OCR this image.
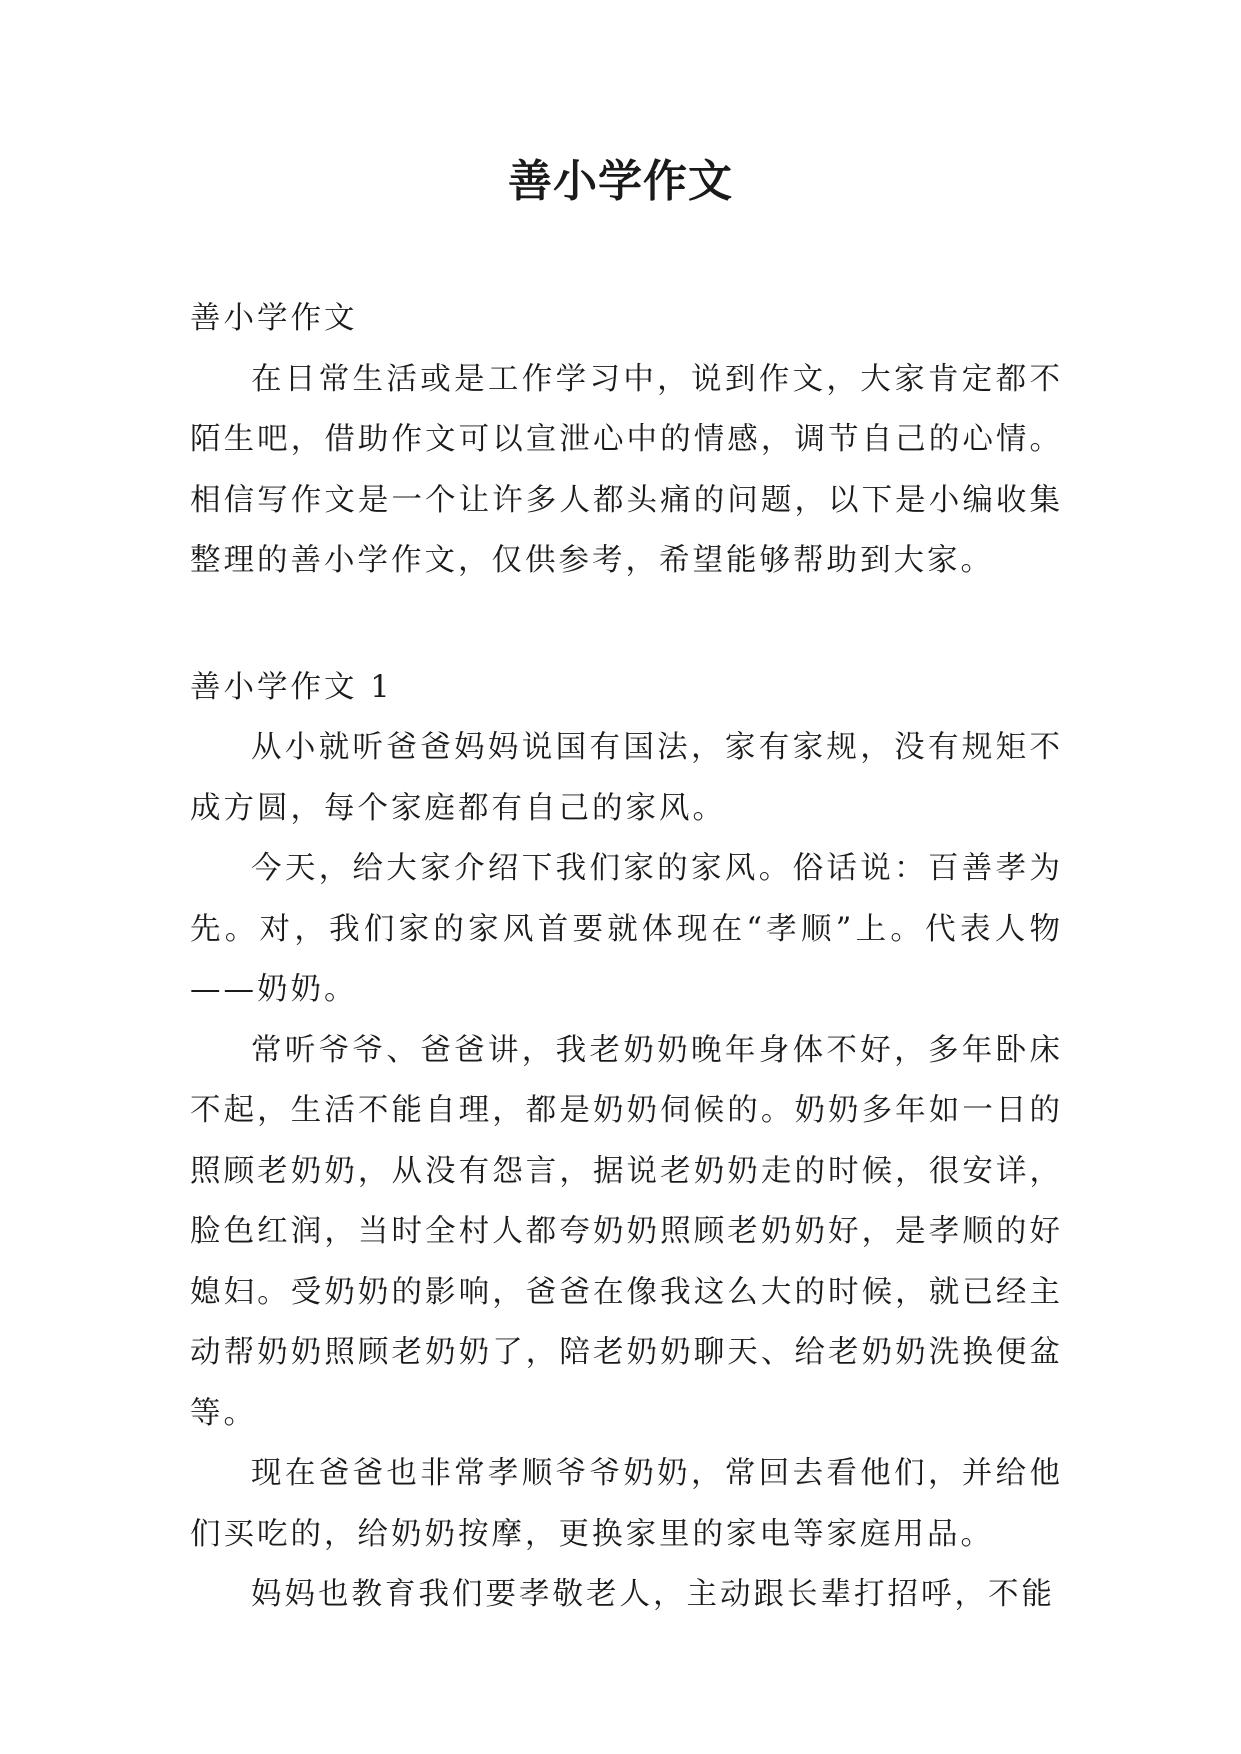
善小学作文

善小学作文

在日常生活或是工作学习中，说到作文，大家肯定都不陌生吧，借助作文可以宣泄心中的情感，调节自己的心情。相信写作文是一个让许多人都头痛的问题，以下是小编收集整理的善小学作文，仅供参考，希望能够帮助到大家。

善小学作文 1

从小就听爸爸妈妈说国有国法，家有家规，没有规矩不成方圆，每个家庭都有自己的家风。

今天，给大家介绍下我们家的家风。俗话说：百善孝为先。对，我们家的家风首要就体现在“孝顺”上。代表人物——奶奶。

常听爷爷、爸爸讲，我老奶奶晚年身体不好，多年卧床不起，生活不能自理，都是奶奶伺候的。奶奶多年如一日的照顾老奶奶，从没有怨言，据说老奶奶走的时候，很安详，脸色红润，当时全村人都夸奶奶照顾老奶奶好，是孝顺的好媳妇。受奶奶的影响，爸爸在像我这么大的时候，就已经主动帮奶奶照顾老奶奶了，陪老奶奶聊天、给老奶奶洗换便盆等。

现在爸爸也非常孝顺爷爷奶奶，常回去看他们，并给他们买吃的，给奶奶按摩，更换家里的家电等家庭用品。

妈妈也教育我们要孝敬老人，主动跟长辈打招呼，不能
